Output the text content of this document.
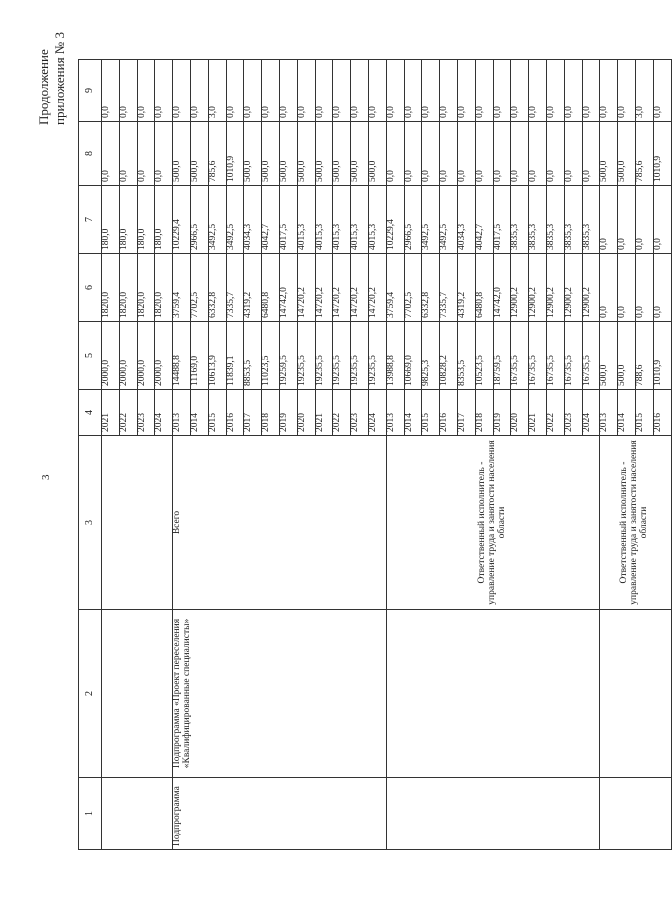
3
Продолжение приложения № 3
1	2	3	4	5	6	7	8	9
			2021	2000,0	1820,0	180,0	0,0	0,0
			2022	2000,0	1820,0	180,0	0,0	0,0
			2023	2000,0	1820,0	180,0	0,0	0,0
			2024	2000,0	1820,0	180,0	0,0	0,0
Подпрограмма	Подпрограмма «Проект переселения «Квалифицированные специалисты»	Всего	2013	14488,8	3759,4	10229,4	500,0	0,0
			2014	11169,0	7702,5	2966,5	500,0	0,0
			2015	10613,9	6332,8	3492,5	785,6	3,0
			2016	11839,1	7335,7	3492,5	1010,9	0,0
			2017	8853,5	4319,2	4034,3	500,0	0,0
			2018	11023,5	6480,8	4042,7	500,0	0,0
			2019	19259,5	14742,0	4017,5	500,0	0,0
			2020	19235,5	14720,2	4015,3	500,0	0,0
			2021	19235,5	14720,2	4015,3	500,0	0,0
			2022	19235,5	14720,2	4015,3	500,0	0,0
			2023	19235,5	14720,2	4015,3	500,0	0,0
			2024	19235,5	14720,2	4015,3	500,0	0,0
		Ответственный исполнитель - управление труда и занятости населения области	2013	13988,8	3759,4	10229,4	0,0	0,0
			2014	10669,0	7702,5	2966,5	0,0	0,0
			2015	9825,3	6332,8	3492,5	0,0	0,0
			2016	10828,2	7335,7	3492,5	0,0	0,0
			2017	8353,5	4319,2	4034,3	0,0	0,0
			2018	10523,5	6480,8	4042,7	0,0	0,0
			2019	18759,5	14742,0	4017,5	0,0	0,0
			2020	16735,5	12900,2	3835,3	0,0	0,0
			2021	16735,5	12900,2	3835,3	0,0	0,0
			2022	16735,5	12900,2	3835,3	0,0	0,0
			2023	16735,5	12900,2	3835,3	0,0	0,0
			2024	16735,5	12900,2	3835,3	0,0	0,0
		Ответственный исполнитель - управление труда и занятости населения области	2013	500,0	0,0	0,0	500,0	0,0
			2014	500,0	0,0	0,0	500,0	0,0
			2015	788,6	0,0	0,0	785,6	3,0
			2016	1010,9	0,0	0,0	1010,9	0,0
